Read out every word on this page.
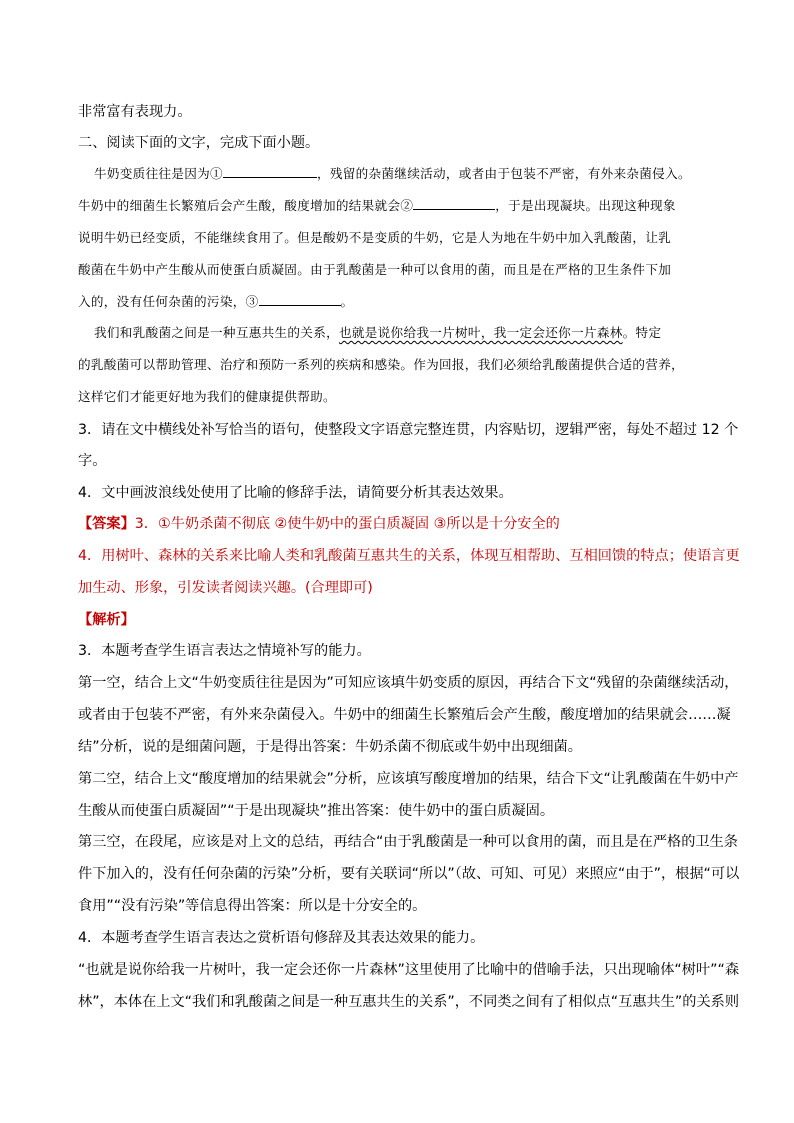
非常富有表现力。
二、阅读下面的文字，完成下面小题。
牛奶变质往往是因为①	，残留的杂菌继续活动，或者由于包装不严密，有外来杂菌侵入。
牛奶中的细菌生长繁殖后会产生酸，酸度增加的结果就会②	，于是出现凝块。出现这种现象
说明牛奶已经变质，不能继续食用了。但是酸奶不是变质的牛奶，它是人为地在牛奶中加入乳酸菌，让乳
酸菌在牛奶中产生酸从而使蛋白质凝固。由于乳酸菌是一种可以食用的菌，而且是在严格的卫生条件下加
入的，没有任何杂菌的污染，③	。
我们和乳酸菌之间是一种互惠共生的关系，也就是说你给我一片树叶，我一定会还你一片森林。特定
的乳酸菌可以帮助管理、治疗和预防一系列的疾病和感染。作为回报，我们必须给乳酸菌提供合适的营养，
这样它们才能更好地为我们的健康提供帮助。
3．请在文中横线处补写恰当的语句，使整段文字语意完整连贯，内容贴切，逻辑严密，每处不超过 12 个
字。
4．文中画波浪线处使用了比喻的修辞手法，请简要分析其表达效果。
【答案】3．①牛奶杀菌不彻底 ②使牛奶中的蛋白质凝固 ③所以是十分安全的
4．用树叶、森林的关系来比喻人类和乳酸菌互惠共生的关系，体现互相帮助、互相回馈的特点；使语言更
加生动、形象，引发读者阅读兴趣。(合理即可)
【解析】
3．本题考查学生语言表达之情境补写的能力。
第一空，结合上文“牛奶变质往往是因为”可知应该填牛奶变质的原因，再结合下文“残留的杂菌继续活动，
或者由于包装不严密，有外来杂菌侵入。牛奶中的细菌生长繁殖后会产生酸，酸度增加的结果就会……凝
结”分析，说的是细菌问题，于是得出答案：牛奶杀菌不彻底或牛奶中出现细菌。
第二空，结合上文“酸度增加的结果就会”分析，应该填写酸度增加的结果，结合下文“让乳酸菌在牛奶中产
生酸从而使蛋白质凝固”“于是出现凝块”推出答案：使牛奶中的蛋白质凝固。
第三空，在段尾，应该是对上文的总结，再结合“由于乳酸菌是一种可以食用的菌，而且是在严格的卫生条
件下加入的，没有任何杂菌的污染”分析，要有关联词“所以”（故、可知、可见）来照应“由于”，根据“可以
食用”“没有污染”等信息得出答案：所以是十分安全的。
4．本题考查学生语言表达之赏析语句修辞及其表达效果的能力。
“也就是说你给我一片树叶，我一定会还你一片森林”这里使用了比喻中的借喻手法，只出现喻体“树叶”“森
林”，本体在上文“我们和乳酸菌之间是一种互惠共生的关系”，不同类之间有了相似点“互惠共生”的关系则
